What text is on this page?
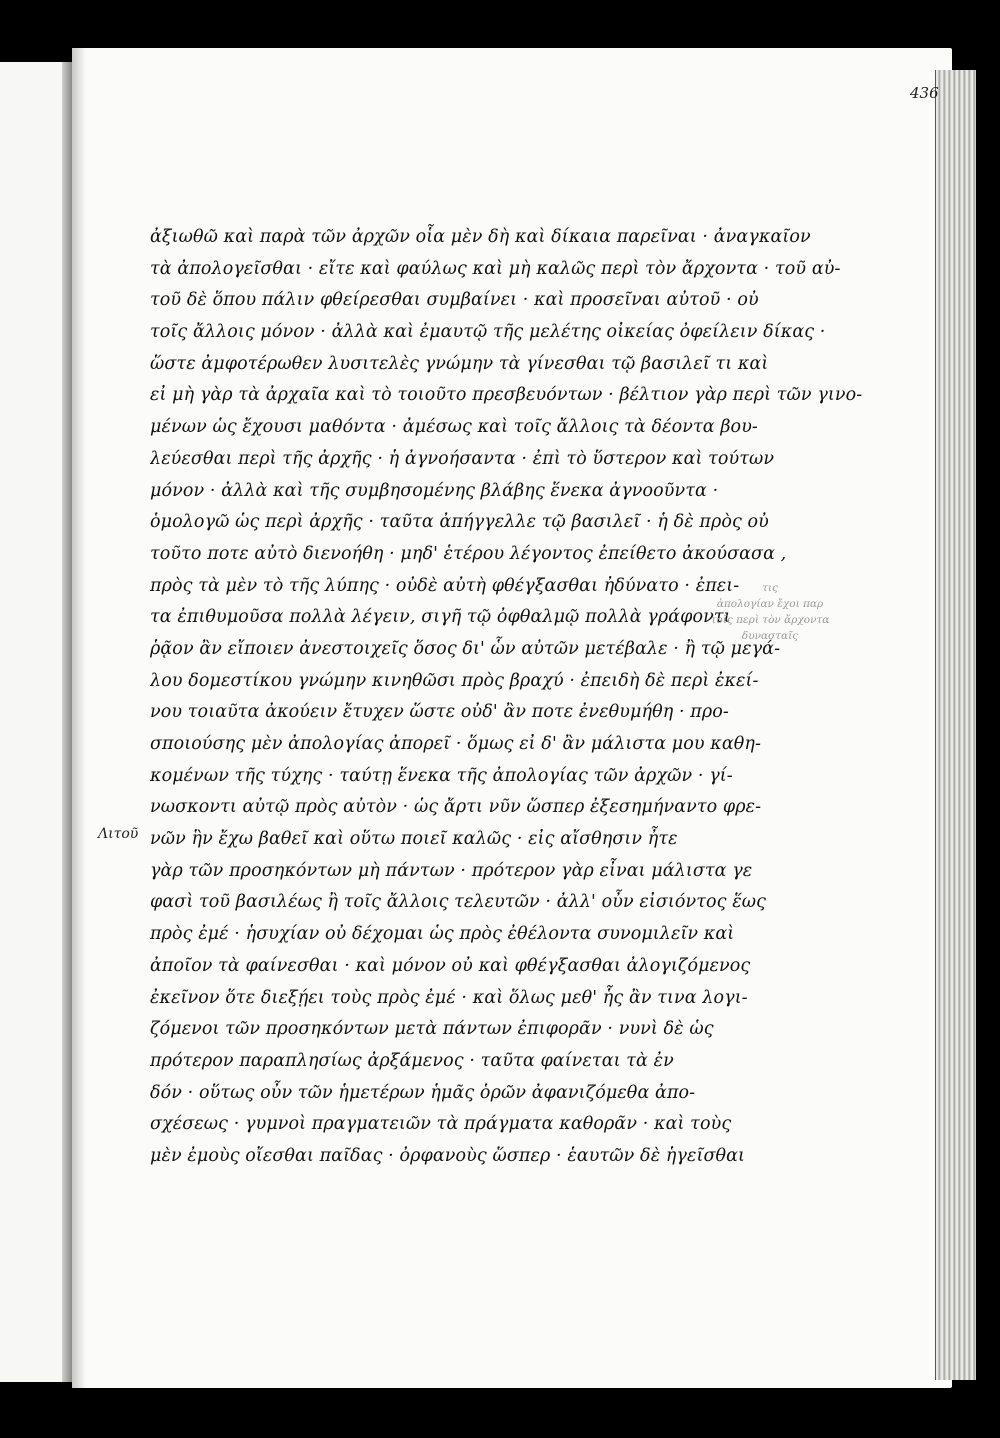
436
ἀξιωθῶ καὶ παρὰ τῶν ἀρχῶν οἷα μὲν δὴ καὶ δίκαια παρεῖναι · ἀναγκαῖον
τὰ ἀπολογεῖσθαι · εἴτε καὶ φαύλως καὶ μὴ καλῶς περὶ τὸν ἄρχοντα · τοῦ αὐ-
τοῦ δὲ ὅπου πάλιν φθείρεσθαι συμβαίνει · καὶ προσεῖναι αὐτοῦ · οὐ
τοῖς ἄλλοις μόνον · ἀλλὰ καὶ ἐμαυτῷ τῆς μελέτης οἰκείας ὀφείλειν δίκας ·
ὥστε ἀμφοτέρωθεν λυσιτελὲς γνώμην τὰ γίνεσθαι τῷ βασιλεῖ τι καὶ
εἰ μὴ γὰρ τὰ ἀρχαῖα καὶ τὸ τοιοῦτο πρεσβευόντων · βέλτιον γὰρ περὶ τῶν γινο-
μένων ὡς ἔχουσι μαθόντα · ἀμέσως καὶ τοῖς ἄλλοις τὰ δέοντα βου-
λεύεσθαι περὶ τῆς ἀρχῆς · ἡ ἀγνοήσαντα · ἐπὶ τὸ ὕστερον καὶ τούτων
μόνον · ἀλλὰ καὶ τῆς συμβησομένης βλάβης ἕνεκα ἀγνοοῦντα ·
ὁμολογῶ ὡς περὶ ἀρχῆς · ταῦτα ἀπήγγελλε τῷ βασιλεῖ · ἡ δὲ πρὸς οὐ
τοῦτο ποτε αὐτὸ διενοήθη · μηδ' ἑτέρου λέγοντος ἐπείθετο ἀκούσασα ,
πρὸς τὰ μὲν τὸ τῆς λύπης · οὐδὲ αὐτὴ φθέγξασθαι ἠδύνατο · ἐπει-
τα ἐπιθυμοῦσα πολλὰ λέγειν, σιγῆ τῷ ὀφθαλμῷ πολλὰ γράφοντι
ῥᾷον ἂν εἴποιεν ἀνεστοιχεῖς ὅσος δι' ὧν αὐτῶν μετέβαλε · ἢ τῷ μεγά-
λου δομεστίκου γνώμην κινηθῶσι πρὸς βραχύ · ἐπειδὴ δὲ περὶ ἐκεί-
νου τοιαῦτα ἀκούειν ἔτυχεν ὥστε οὐδ' ἂν ποτε ἐνεθυμήθη · προ-
σποιούσης μὲν ἀπολογίας ἀπορεῖ · ὅμως εἰ δ' ἂν μάλιστα μου καθη-
κομένων τῆς τύχης · ταύτῃ ἕνεκα τῆς ἀπολογίας τῶν ἀρχῶν · γί-
νωσκοντι αὐτῷ πρὸς αὐτὸν · ὡς ἄρτι νῦν ὥσπερ ἐξεσημήναντο φρε-
νῶν ἣν ἔχω βαθεῖ καὶ οὕτω ποιεῖ καλῶς · εἰς αἴσθησιν ἦτε
γὰρ τῶν προσηκόντων μὴ πάντων · πρότερον γὰρ εἶναι μάλιστα γε
φασὶ τοῦ βασιλέως ἢ τοῖς ἄλλοις τελευτῶν · ἀλλ' οὖν εἰσιόντος ἕως
πρὸς ἐμέ · ἡσυχίαν οὐ δέχομαι ὡς πρὸς ἐθέλοντα συνομιλεῖν καὶ
ἀποῖον τὰ φαίνεσθαι · καὶ μόνον οὐ καὶ φθέγξασθαι ἀλογιζόμενος
ἐκεῖνον ὅτε διεξῄει τοὺς πρὸς ἐμέ · καὶ ὅλως μεθ' ἧς ἂν τινα λογι-
ζόμενοι τῶν προσηκόντων μετὰ πάντων ἐπιφορᾶν · νυνὶ δὲ ὡς
πρότερον παραπλησίως ἀρξάμενος · ταῦτα φαίνεται τὰ ἐν
δόν · οὕτως οὖν τῶν ἡμετέρων ἡμᾶς ὁρῶν ἀφανιζόμεθα ἀπο-
σχέσεως · γυμνοὶ πραγματειῶν τὰ πράγματα καθορᾶν · καὶ τοὺς
μὲν ἐμοὺς οἴεσθαι παῖδας · ὀρφανοὺς ὥσπερ · ἑαυτῶν δὲ ἡγεῖσθαι
Λιτοῦ
τις
ἀπολογίαν ἔχοι παρ
τοῖς περὶ τὸν ἄρχοντα
δυνασταῖς
